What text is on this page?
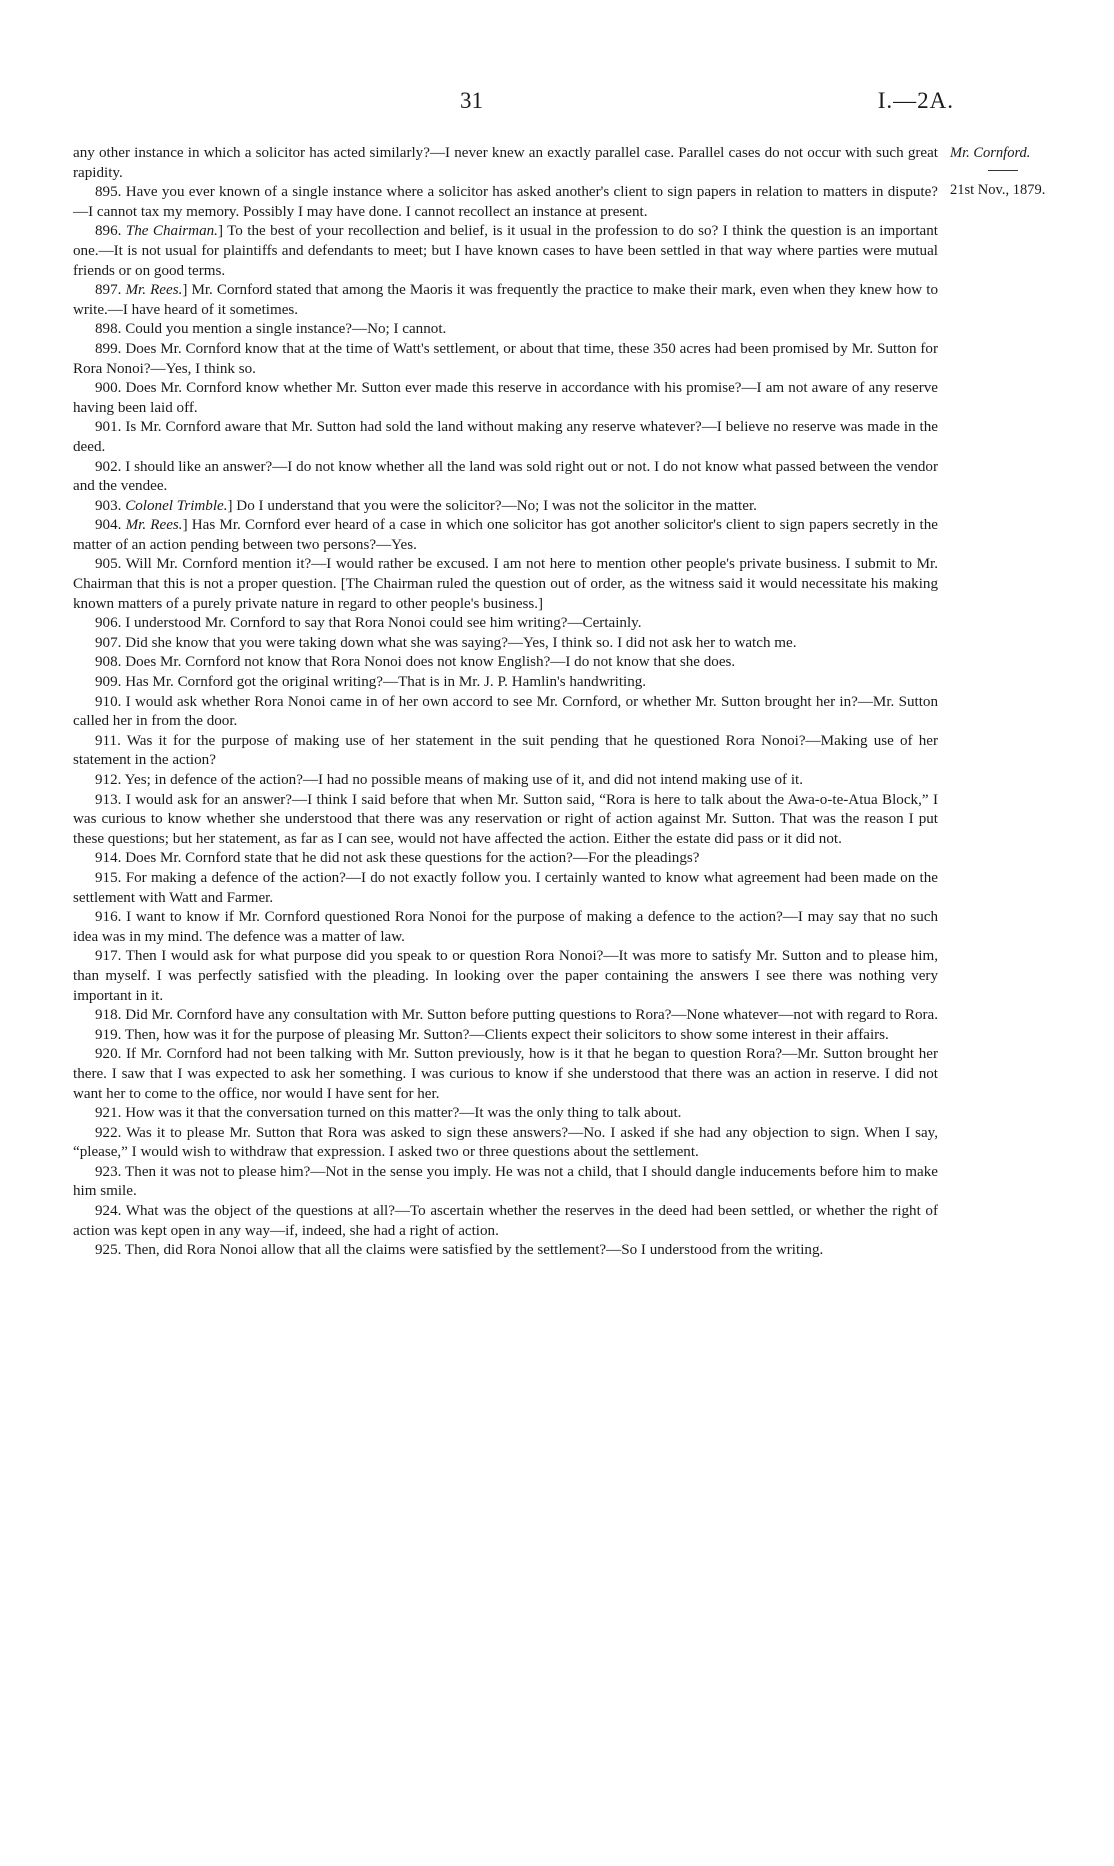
31	I.—2A.
Mr. Cornford.
21st Nov., 1879.

any other instance in which a solicitor has acted similarly?—I never knew an exactly parallel case. Parallel cases do not occur with such great rapidity.

895. Have you ever known of a single instance where a solicitor has asked another's client to sign papers in relation to matters in dispute?—I cannot tax my memory. Possibly I may have done. I cannot recollect an instance at present.

896. The Chairman.] To the best of your recollection and belief, is it usual in the profession to do so? I think the question is an important one.—It is not usual for plaintiffs and defendants to meet; but I have known cases to have been settled in that way where parties were mutual friends or on good terms.

897. Mr. Rees.] Mr. Cornford stated that among the Maoris it was frequently the practice to make their mark, even when they knew how to write.—I have heard of it sometimes.

898. Could you mention a single instance?—No; I cannot.

899. Does Mr. Cornford know that at the time of Watt's settlement, or about that time, these 350 acres had been promised by Mr. Sutton for Rora Nonoi?—Yes, I think so.

900. Does Mr. Cornford know whether Mr. Sutton ever made this reserve in accordance with his promise?—I am not aware of any reserve having been laid off.

901. Is Mr. Cornford aware that Mr. Sutton had sold the land without making any reserve whatever?—I believe no reserve was made in the deed.

902. I should like an answer?—I do not know whether all the land was sold right out or not. I do not know what passed between the vendor and the vendee.

903. Colonel Trimble.] Do I understand that you were the solicitor?—No; I was not the solicitor in the matter.

904. Mr. Rees.] Has Mr. Cornford ever heard of a case in which one solicitor has got another solicitor's client to sign papers secretly in the matter of an action pending between two persons?—Yes.

905. Will Mr. Cornford mention it?—I would rather be excused. I am not here to mention other people's private business. I submit to Mr. Chairman that this is not a proper question. [The Chairman ruled the question out of order, as the witness said it would necessitate his making known matters of a purely private nature in regard to other people's business.]

906. I understood Mr. Cornford to say that Rora Nonoi could see him writing?—Certainly.

907. Did she know that you were taking down what she was saying?—Yes, I think so. I did not ask her to watch me.

908. Does Mr. Cornford not know that Rora Nonoi does not know English?—I do not know that she does.

909. Has Mr. Cornford got the original writing?—That is in Mr. J. P. Hamlin's handwriting.

910. I would ask whether Rora Nonoi came in of her own accord to see Mr. Cornford, or whether Mr. Sutton brought her in?—Mr. Sutton called her in from the door.

911. Was it for the purpose of making use of her statement in the suit pending that he questioned Rora Nonoi?—Making use of her statement in the action?

912. Yes; in defence of the action?—I had no possible means of making use of it, and did not intend making use of it.

913. I would ask for an answer?—I think I said before that when Mr. Sutton said, “Rora is here to talk about the Awa-o-te-Atua Block,” I was curious to know whether she understood that there was any reservation or right of action against Mr. Sutton. That was the reason I put these questions; but her statement, as far as I can see, would not have affected the action. Either the estate did pass or it did not.

914. Does Mr. Cornford state that he did not ask these questions for the action?—For the pleadings?

915. For making a defence of the action?—I do not exactly follow you. I certainly wanted to know what agreement had been made on the settlement with Watt and Farmer.

916. I want to know if Mr. Cornford questioned Rora Nonoi for the purpose of making a defence to the action?—I may say that no such idea was in my mind. The defence was a matter of law.

917. Then I would ask for what purpose did you speak to or question Rora Nonoi?—It was more to satisfy Mr. Sutton and to please him, than myself. I was perfectly satisfied with the pleading. In looking over the paper containing the answers I see there was nothing very important in it.

918. Did Mr. Cornford have any consultation with Mr. Sutton before putting questions to Rora?—None whatever—not with regard to Rora.

919. Then, how was it for the purpose of pleasing Mr. Sutton?—Clients expect their solicitors to show some interest in their affairs.

920. If Mr. Cornford had not been talking with Mr. Sutton previously, how is it that he began to question Rora?—Mr. Sutton brought her there. I saw that I was expected to ask her something. I was curious to know if she understood that there was an action in reserve. I did not want her to come to the office, nor would I have sent for her.

921. How was it that the conversation turned on this matter?—It was the only thing to talk about.

922. Was it to please Mr. Sutton that Rora was asked to sign these answers?—No. I asked if she had any objection to sign. When I say, “please,” I would wish to withdraw that expression. I asked two or three questions about the settlement.

923. Then it was not to please him?—Not in the sense you imply. He was not a child, that I should dangle inducements before him to make him smile.

924. What was the object of the questions at all?—To ascertain whether the reserves in the deed had been settled, or whether the right of action was kept open in any way—if, indeed, she had a right of action.

925. Then, did Rora Nonoi allow that all the claims were satisfied by the settlement?—So I understood from the writing.
